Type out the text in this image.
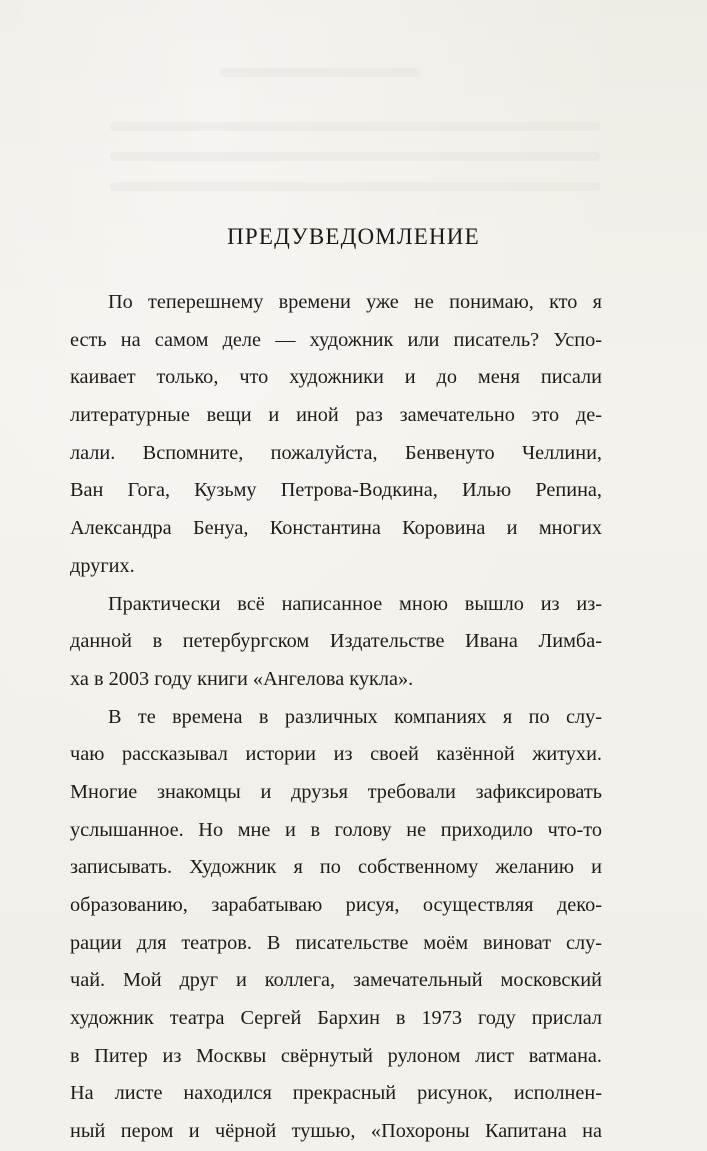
ПРЕДУВЕДОМЛЕНИЕ
По теперешнему времени уже не понимаю, кто я
есть на самом деле — художник или писатель? Успо-
каивает только, что художники и до меня писали
литературные вещи и иной раз замечательно это де-
лали. Вспомните, пожалуйста, Бенвенуто Челлини,
Ван Гога, Кузьму Петрова-Водкина, Илью Репина,
Александра Бенуа, Константина Коровина и многих
других.
Практически всё написанное мною вышло из из-
данной в петербургском Издательстве Ивана Лимба-
ха в 2003 году книги «Ангелова кукла».
В те времена в различных компаниях я по слу-
чаю рассказывал истории из своей казённой житухи.
Многие знакомцы и друзья требовали зафиксировать
услышанное. Но мне и в голову не приходило что-то
записывать. Художник я по собственному желанию и
образованию, зарабатываю рисуя, осуществляя деко-
рации для театров. В писательстве моём виноват слу-
чай. Мой друг и коллега, замечательный московский
художник театра Сергей Бархин в 1973 году прислал
в Питер из Москвы свёрнутый рулоном лист ватмана.
На листе находился прекрасный рисунок, исполнен-
ный пером и чёрной тушью, «Похороны Капитана на
